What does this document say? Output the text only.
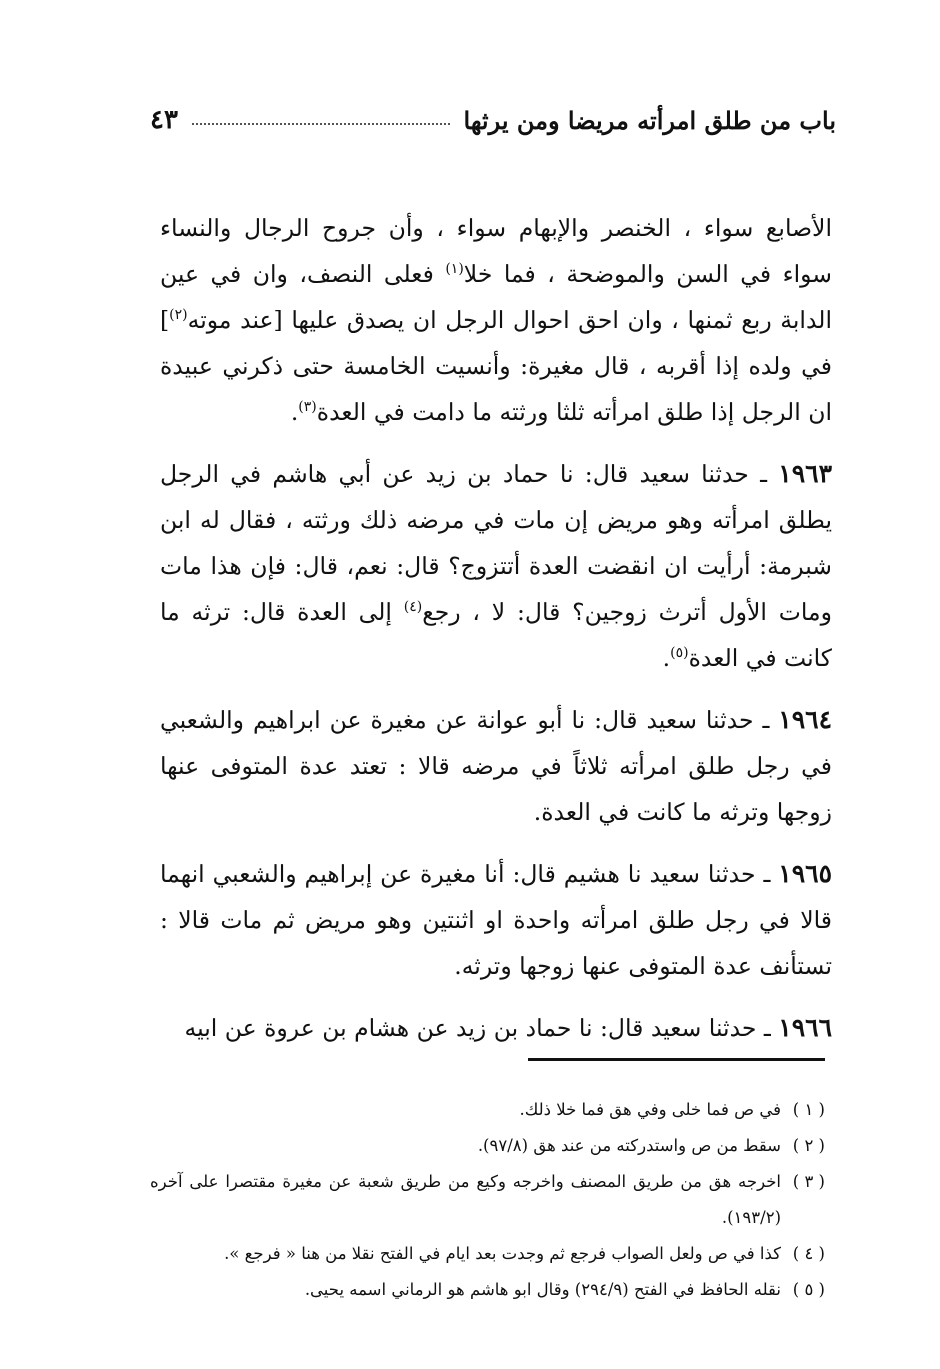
باب من طلق امرأته مريضا ومن يرثها
٤٣

الأصابع سواء ، الخنصر والإبهام سواء ، وأن جروح الرجال والنساء سواء في السن والموضحة ، فما خلا$^{(١)}$ فعلى النصف، وان في عين الدابة ربع ثمنها ، وان احق احوال الرجل ان يصدق عليها [عند موته$^{(٢)}$] في ولده إذا أقربه ، قال مغيرة: وأنسيت الخامسة حتى ذكرني عبيدة ان الرجل إذا طلق امرأته ثلثا ورثته ما دامت في العدة$^{(٣)}$.

١٩٦٣ ـ حدثنا سعيد قال: نا حماد بن زيد عن أبي هاشم في الرجل يطلق امرأته وهو مريض إن مات في مرضه ذلك ورثته ، فقال له ابن شبرمة: أرأيت ان انقضت العدة أتتزوج؟ قال: نعم، قال: فإن هذا مات ومات الأول أترث زوجين؟ قال: لا ، رجع$^{(٤)}$ إلى العدة قال: ترثه ما كانت في العدة$^{(٥)}$.

١٩٦٤ ـ حدثنا سعيد قال: نا أبو عوانة عن مغيرة عن ابراهيم والشعبي في رجل طلق امرأته ثلاثاً في مرضه قالا : تعتد عدة المتوفى عنها زوجها وترثه ما كانت في العدة.

١٩٦٥ ـ حدثنا سعيد نا هشيم قال: أنا مغيرة عن إبراهيم والشعبي انهما قالا في رجل طلق امرأته واحدة او اثنتين وهو مريض ثم مات قالا : تستأنف عدة المتوفى عنها زوجها وترثه.

١٩٦٦ ـ حدثنا سعيد قال: نا حماد بن زيد عن هشام بن عروة عن ابيه

( ١ )
في ص فما خلى وفي هق فما خلا ذلك.
( ٢ )
سقط من ص واستدركته من عند هق (٩٧/٨).
( ٣ )
اخرجه هق من طريق المصنف واخرجه وكيع من طريق شعبة عن مغيرة مقتصرا على آخره (١٩٣/٢).
( ٤ )
كذا في ص ولعل الصواب فرجع ثم وجدت بعد ايام في الفتح نقلا من هنا « فرجع ».
( ٥ )
نقله الحافظ في الفتح (٢٩٤/٩) وقال ابو هاشم هو الرماني اسمه يحيى.
